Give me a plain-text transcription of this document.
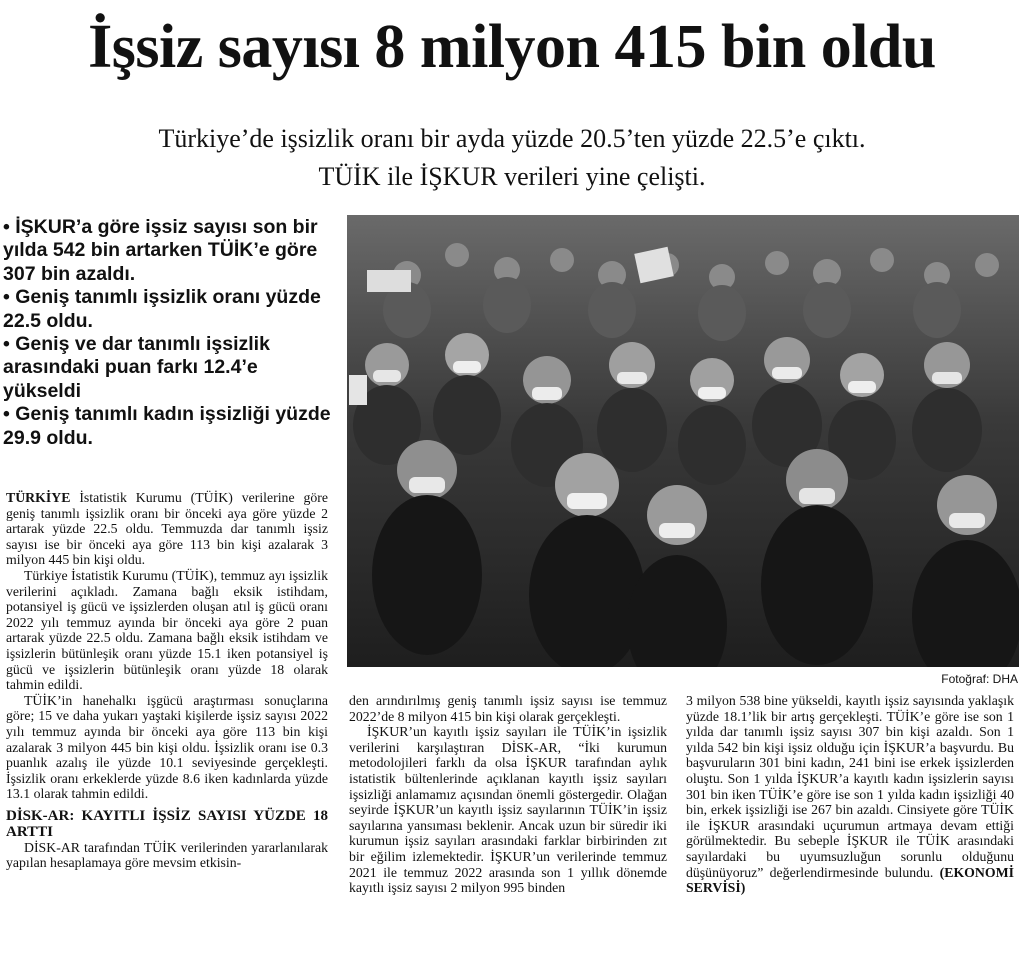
İşsiz sayısı 8 milyon 415 bin oldu
Türkiye’de işsizlik oranı bir ayda yüzde 20.5’ten yüzde 22.5’e çıktı.
TÜİK ile İŞKUR verileri yine çelişti.
• İŞKUR’a göre işsiz sayısı son bir yılda 542 bin artarken TÜİK’e göre 307 bin azaldı.
• Geniş tanımlı işsizlik oranı yüzde 22.5 oldu.
• Geniş ve dar tanımlı işsizlik arasındaki puan farkı 12.4’e yükseldi
• Geniş tanımlı kadın işsizliği yüzde 29.9 oldu.
Fotoğraf: DHA

TÜRKİYE İstatistik Kurumu (TÜİK) verilerine göre geniş tanımlı işsizlik oranı bir önceki aya göre yüzde 2 artarak yüzde 22.5 oldu. Temmuzda dar tanımlı işsiz sayısı ise bir önceki aya göre 113 bin kişi azalarak 3 milyon 445 bin kişi oldu.

Türkiye İstatistik Kurumu (TÜİK), temmuz ayı işsizlik verilerini açıkladı. Zamana bağlı eksik istihdam, potansiyel iş gücü ve işsizlerden oluşan atıl iş gücü oranı 2022 yılı temmuz ayında bir önceki aya göre 2 puan artarak yüzde 22.5 oldu. Zamana bağlı eksik istihdam ve işsizlerin bütünleşik oranı yüzde 15.1 iken potansiyel iş gücü ve işsizlerin bütünleşik oranı yüzde 18 olarak tahmin edildi.

TÜİK’in hanehalkı işgücü araştırması sonuçlarına göre; 15 ve daha yukarı yaştaki kişilerde işsiz sayısı 2022 yılı temmuz ayında bir önceki aya göre 113 bin kişi azalarak 3 milyon 445 bin kişi oldu. İşsizlik oranı ise 0.3 puanlık azalış ile yüzde 10.1 seviyesinde gerçekleşti. İşsizlik oranı erkeklerde yüzde 8.6 iken kadınlarda yüzde 13.1 olarak tahmin edildi.

DİSK-AR: KAYITLI İŞSİZ SAYISI YÜZDE 18 ARTTI

DİSK-AR tarafından TÜİK verilerinden yararlanılarak yapılan hesaplamaya göre mevsim etkisin-

den arındırılmış geniş tanımlı işsiz sayısı ise temmuz 2022’de 8 milyon 415 bin kişi olarak gerçekleşti.

İŞKUR’un kayıtlı işsiz sayıları ile TÜİK’in işsizlik verilerini karşılaştıran DİSK-AR, “İki kurumun metodolojileri farklı da olsa İŞKUR tarafından aylık istatistik bültenlerinde açıklanan kayıtlı işsiz sayıları işsizliği anlamamız açısından önemli göstergedir. Olağan seyirde İŞKUR’un kayıtlı işsiz sayılarının TÜİK’in işsiz sayılarına yansıması beklenir. Ancak uzun bir süredir iki kurumun işsiz sayıları arasındaki farklar birbirinden zıt bir eğilim izlemektedir. İŞKUR’un verilerinde temmuz 2021 ile temmuz 2022 arasında son 1 yıllık dönemde kayıtlı işsiz sayısı 2 milyon 995 binden

3 milyon 538 bine yükseldi, kayıtlı işsiz sayısında yaklaşık yüzde 18.1’lik bir artış gerçekleşti. TÜİK’e göre ise son 1 yılda dar tanımlı işsiz sayısı 307 bin kişi azaldı. Son 1 yılda 542 bin kişi işsiz olduğu için İŞKUR’a başvurdu. Bu başvuruların 301 bini kadın, 241 bini ise erkek işsizlerden oluştu. Son 1 yılda İŞKUR’a kayıtlı kadın işsizlerin sayısı 301 bin iken TÜİK’e göre ise son 1 yılda kadın işsizliği 40 bin, erkek işsizliği ise 267 bin azaldı. Cinsiyete göre TÜİK ile İŞKUR arasındaki uçurumun artmaya devam ettiği görülmektedir. Bu sebeple İŞKUR ile TÜİK arasındaki sayılardaki bu uyumsuzluğun sorunlu olduğunu düşünüyoruz” değerlendirmesinde bulundu. (EKONOMİ SERVİSİ)
